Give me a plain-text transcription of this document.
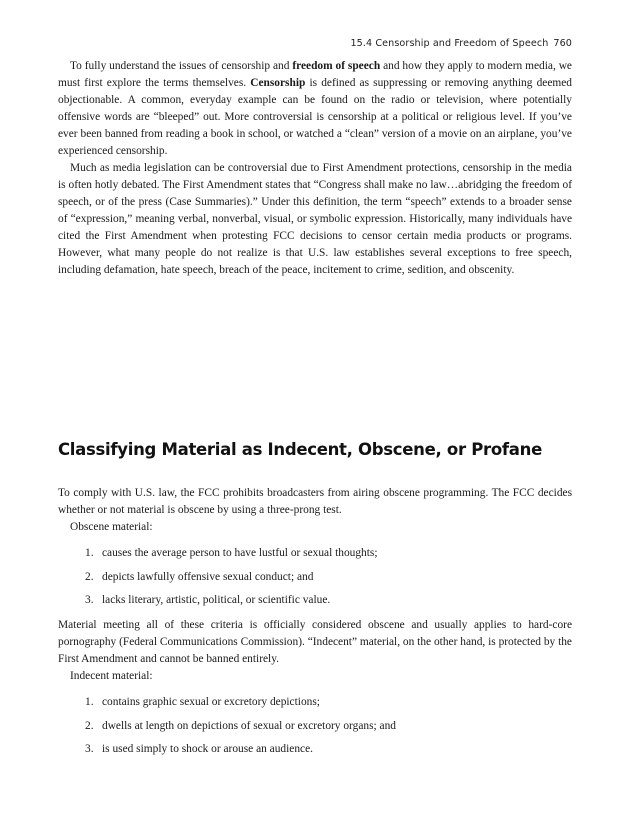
15.4 Censorship and Freedom of Speech 760

To fully understand the issues of censorship and freedom of speech and how they apply to modern media, we must first explore the terms themselves. Censorship is defined as suppressing or removing anything deemed objectionable. A common, everyday example can be found on the radio or television, where potentially offensive words are “bleeped” out. More controversial is censorship at a political or religious level. If you’ve ever been banned from reading a book in school, or watched a “clean” version of a movie on an airplane, you’ve experienced censorship.

Much as media legislation can be controversial due to First Amendment protections, censorship in the media is often hotly debated. The First Amendment states that “Congress shall make no law…abridging the freedom of speech, or of the press (Case Summaries).” Under this definition, the term “speech” extends to a broader sense of “expression,” meaning verbal, nonverbal, visual, or symbolic expression. Historically, many individuals have cited the First Amendment when protesting FCC decisions to censor certain media products or programs. However, what many people do not realize is that U.S. law establishes several exceptions to free speech, including defamation, hate speech, breach of the peace, incitement to crime, sedition, and obscenity.

Classifying Material as Indecent, Obscene, or Profane

To comply with U.S. law, the FCC prohibits broadcasters from airing obscene programming. The FCC decides whether or not material is obscene by using a three-prong test.

Obscene material:

1. causes the average person to have lustful or sexual thoughts;
2. depicts lawfully offensive sexual conduct; and
3. lacks literary, artistic, political, or scientific value.

Material meeting all of these criteria is officially considered obscene and usually applies to hard-core pornography (Federal Communications Commission). “Indecent” material, on the other hand, is protected by the First Amendment and cannot be banned entirely.

Indecent material:

1. contains graphic sexual or excretory depictions;
2. dwells at length on depictions of sexual or excretory organs; and
3. is used simply to shock or arouse an audience.
